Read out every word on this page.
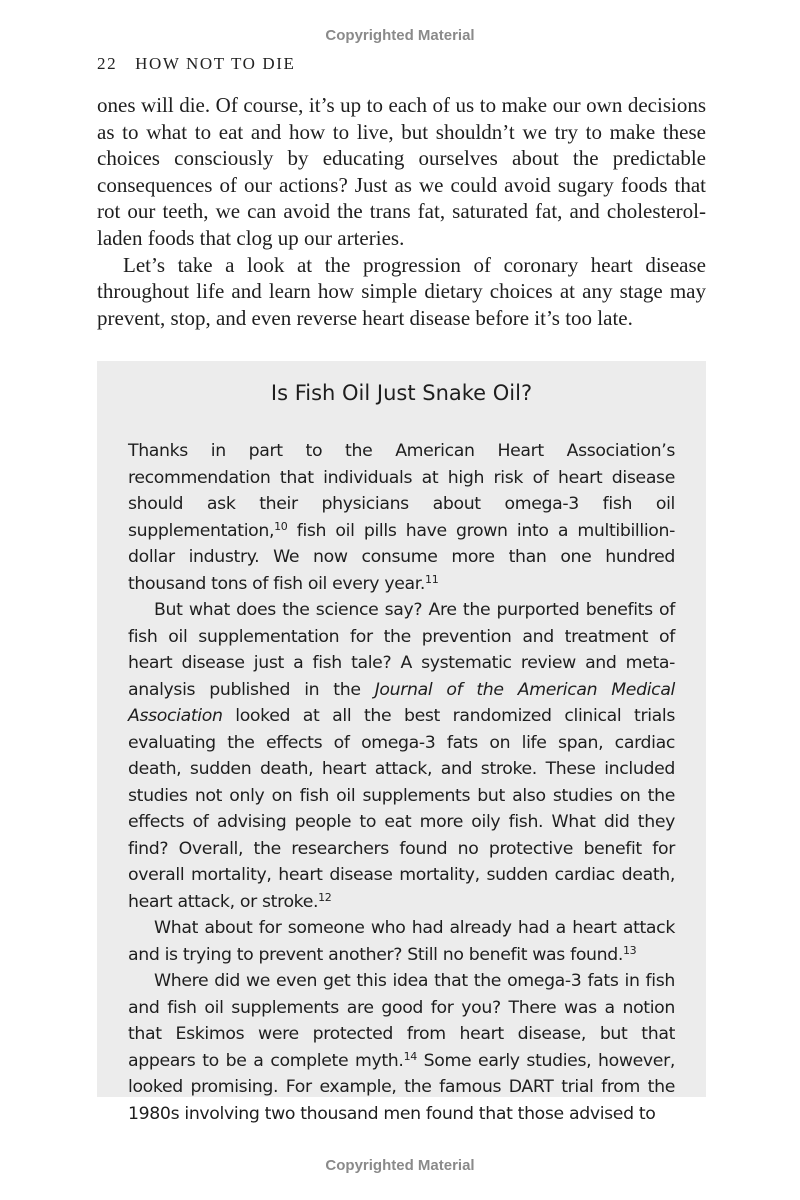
Copyrighted Material
22 HOW NOT TO DIE

ones will die. Of course, it’s up to each of us to make our own decisions as to what to eat and how to live, but shouldn’t we try to make these choices consciously by educating ourselves about the predictable consequences of our actions? Just as we could avoid sugary foods that rot our teeth, we can avoid the trans fat, saturated fat, and cholesterol-laden foods that clog up our arteries.

Let’s take a look at the progression of coronary heart disease throughout life and learn how simple dietary choices at any stage may prevent, stop, and even reverse heart disease before it’s too late.

Is Fish Oil Just Snake Oil?

Thanks in part to the American Heart Association’s recommendation that individuals at high risk of heart disease should ask their physicians about omega-3 fish oil supplementation,$^{10}$ fish oil pills have grown into a multibillion-dollar industry. We now consume more than one hundred thousand tons of fish oil every year.$^{11}$

But what does the science say? Are the purported benefits of fish oil supplementation for the prevention and treatment of heart disease just a fish tale? A systematic review and meta-analysis published in the Journal of the American Medical Association looked at all the best randomized clinical trials evaluating the effects of omega-3 fats on life span, cardiac death, sudden death, heart attack, and stroke. These included studies not only on fish oil supplements but also studies on the effects of advising people to eat more oily fish. What did they find? Overall, the researchers found no protective benefit for overall mortality, heart disease mortality, sudden cardiac death, heart attack, or stroke.$^{12}$

What about for someone who had already had a heart attack and is trying to prevent another? Still no benefit was found.$^{13}$

Where did we even get this idea that the omega-3 fats in fish and fish oil supplements are good for you? There was a notion that Eskimos were protected from heart disease, but that appears to be a complete myth.$^{14}$ Some early studies, however, looked promising. For example, the famous DART trial from the 1980s involving two thousand men found that those advised to

Copyrighted Material
